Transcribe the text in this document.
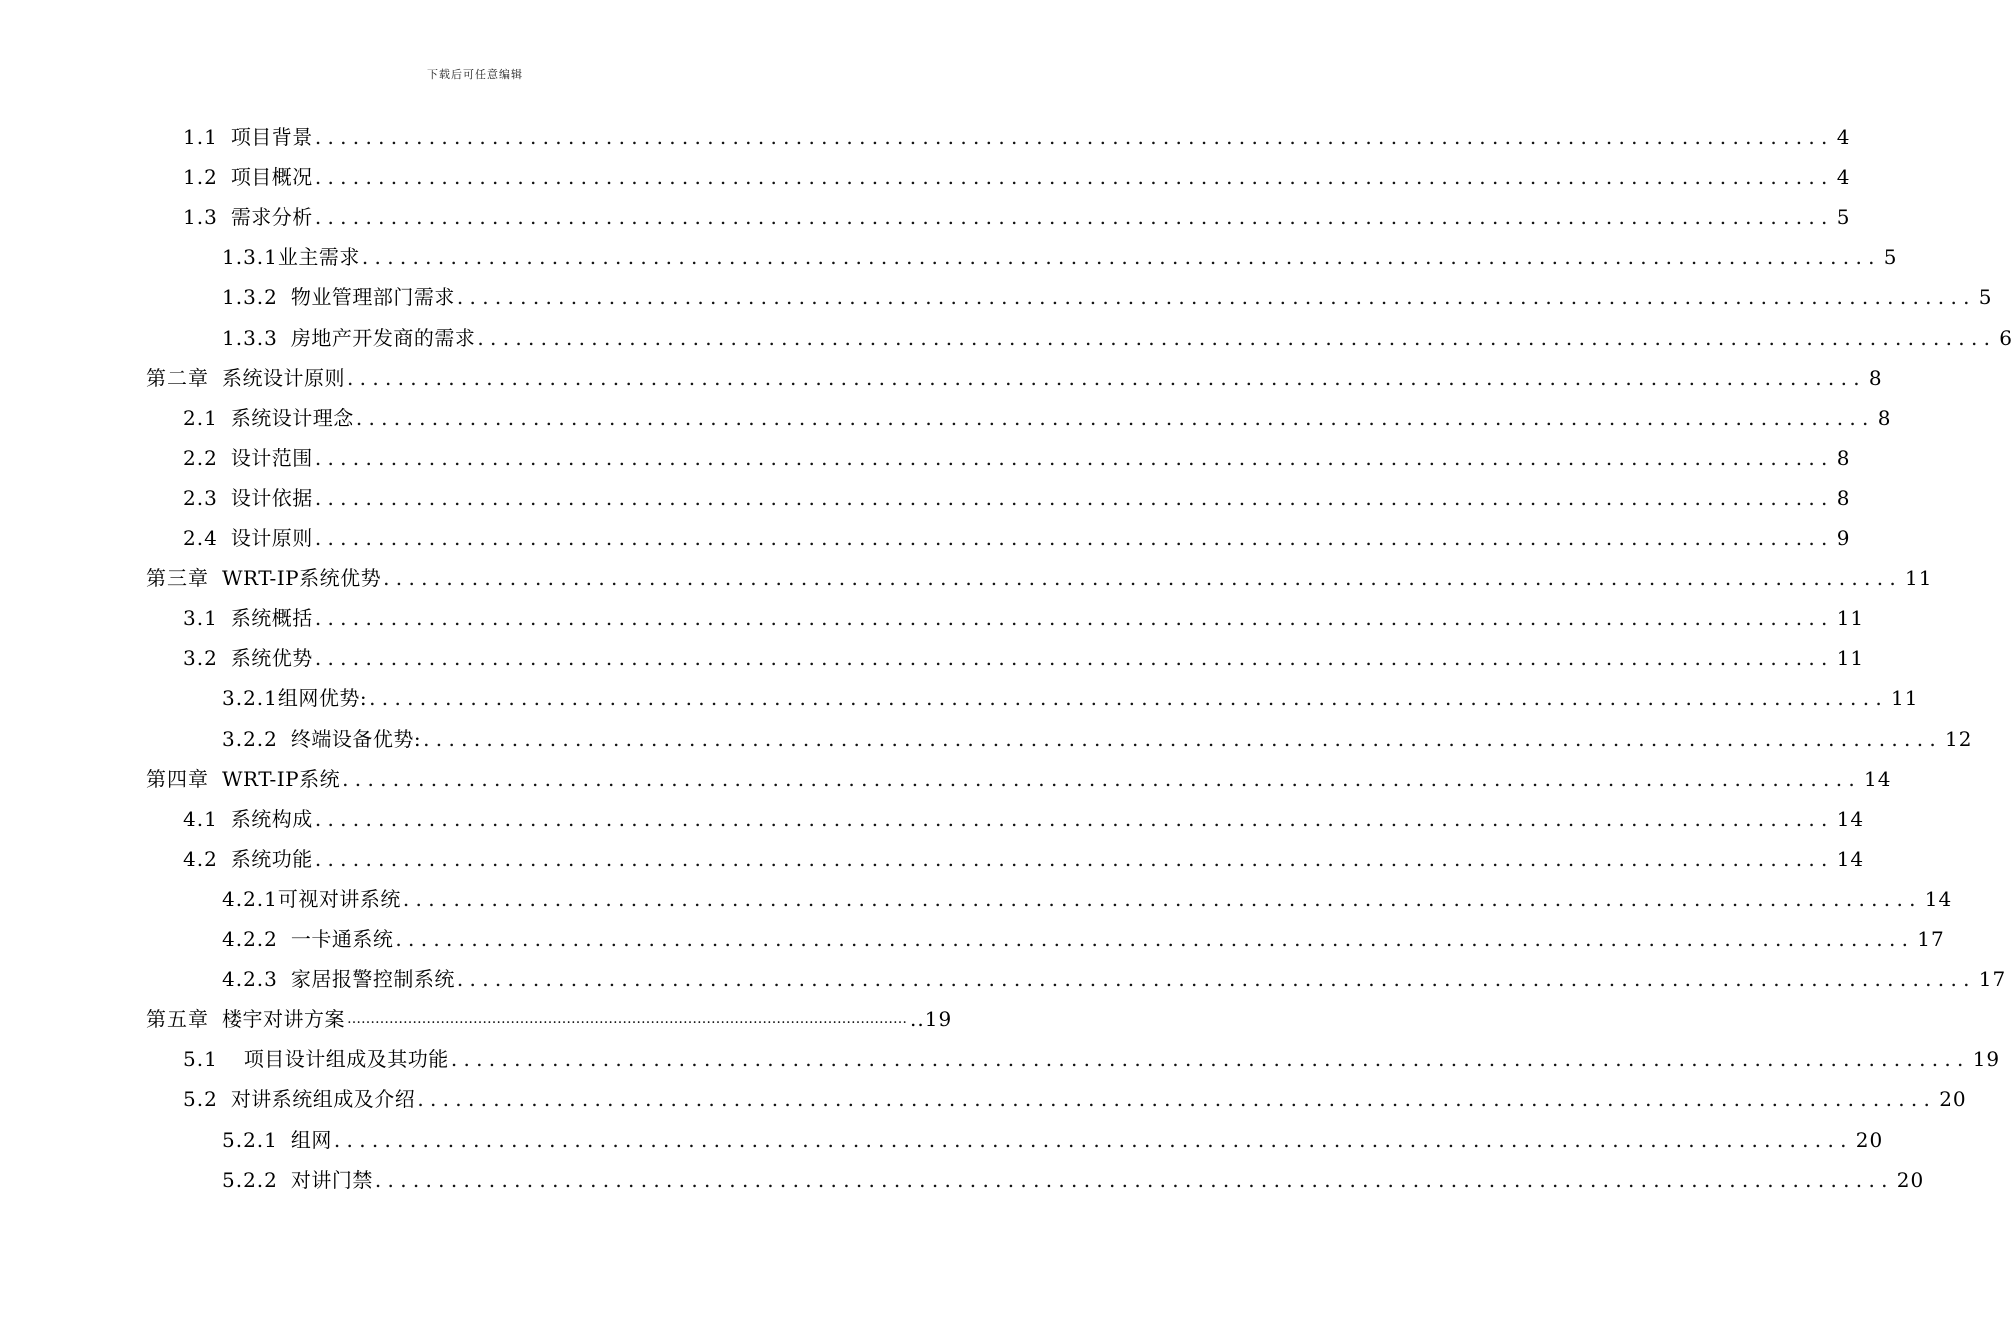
下载后可任意编辑
1.1 项目背景 ........................................................................................................................ 4
1.2 项目概况 ........................................................................................................................ 4
1.3 需求分析 ........................................................................................................................ 5
1.3.1 业主需求 ........................................................................................................................ 5
1.3.2 物业管理部门需求 ........................................................................................................................ 5
1.3.3 房地产开发商的需求 ........................................................................................................................ 6
第二章 系统设计原则 ........................................................................................................................ 8
2.1 系统设计理念 ........................................................................................................................ 8
2.2 设计范围 ........................................................................................................................ 8
2.3 设计依据 ........................................................................................................................ 8
2.4 设计原则 ........................................................................................................................ 9
第三章 WRT-IP系统优势 ........................................................................................................................ 11
3.1 系统概括 ........................................................................................................................ 11
3.2 系统优势 ........................................................................................................................ 11
3.2.1 组网优势: ........................................................................................................................ 11
3.2.2 终端设备优势: ........................................................................................................................ 12
第四章 WRT-IP系统 ........................................................................................................................ 14
4.1 系统构成 ........................................................................................................................ 14
4.2 系统功能 ........................................................................................................................ 14
4.2.1 可视对讲系统 ........................................................................................................................ 14
4.2.2 一卡通系统 ........................................................................................................................ 17
4.2.3 家居报警控制系统 ........................................................................................................................ 17
第五章 楼宇对讲方案 ………………………………………………………………………………………………………… ..19
5.1 项目设计组成及其功能 ........................................................................................................................ 19
5.2 对讲系统组成及介绍 ........................................................................................................................ 20
5.2.1 组网 ........................................................................................................................ 20
5.2.2 对讲门禁 ........................................................................................................................ 20
